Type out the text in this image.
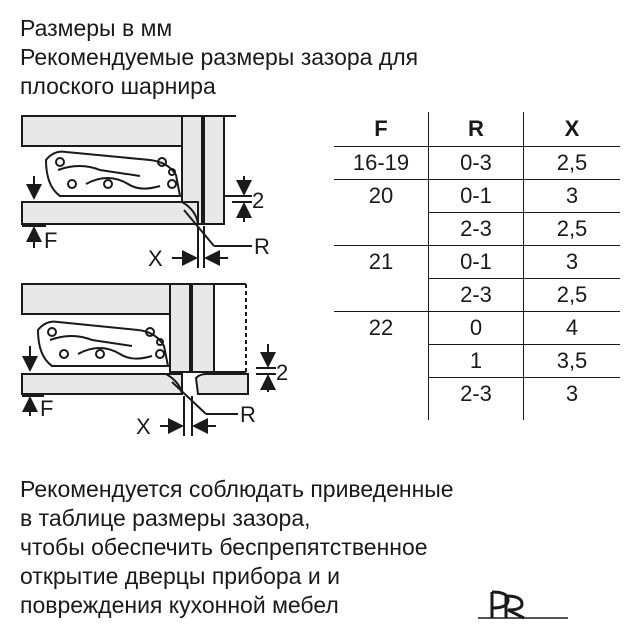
Размеры в мм
Рекомендуемые размеры зазора для
плоского шарнира
F
2
X	R
F
2
X	R
F	R	X
16-19	0-3	2,5
20	0-1	3
	2-3	2,5
21	0-1	3
	2-3	2,5
22	0	4
	1	3,5
	2-3	3
Рекомендуется соблюдать приведенные
в таблице размеры зазора,
чтобы обеспечить беспрепятственное
открытие дверцы прибора и и
повреждения кухонной мебел
